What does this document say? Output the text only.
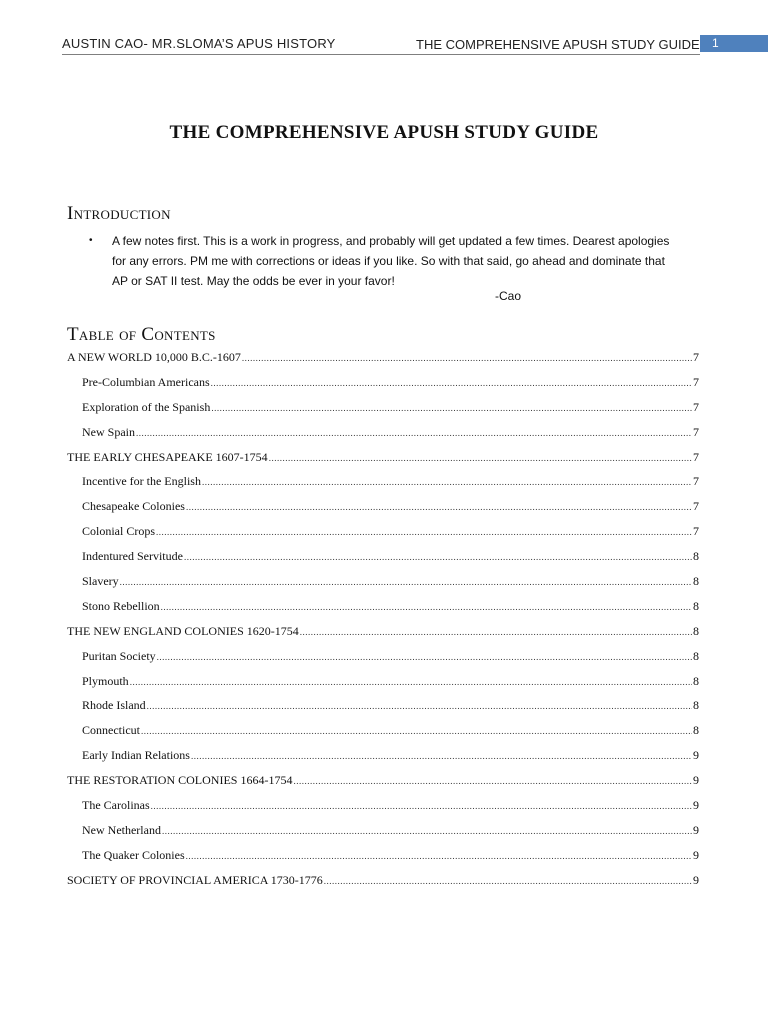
AUSTIN CAO- MR.SLOMA’S APUS HISTORY	THE COMPREHENSIVE APUSH STUDY GUIDE	1
THE COMPREHENSIVE APUSH STUDY GUIDE
Introduction
•	A few notes first. This is a work in progress, and probably will get updated a few times. Dearest apologies for any errors. PM me with corrections or ideas if you like. So with that said, go ahead and dominate that AP or SAT II test. May the odds be ever in your favor!
-Cao
Table of Contents
A NEW WORLD 10,000 B.C.-1607 .....	7
Pre-Columbian Americans .....	7
Exploration of the Spanish .....	7
New Spain .....	7
THE EARLY CHESAPEAKE 1607-1754 .....	7
Incentive for the English .....	7
Chesapeake Colonies .....	7
Colonial Crops .....	7
Indentured Servitude .....	8
Slavery .....	8
Stono Rebellion .....	8
THE NEW ENGLAND COLONIES 1620-1754 .....	8
Puritan Society .....	8
Plymouth .....	8
Rhode Island .....	8
Connecticut .....	8
Early Indian Relations .....	9
THE RESTORATION COLONIES 1664-1754 .....	9
The Carolinas .....	9
New Netherland .....	9
The Quaker Colonies .....	9
SOCIETY OF PROVINCIAL AMERICA 1730-1776 .....	9
